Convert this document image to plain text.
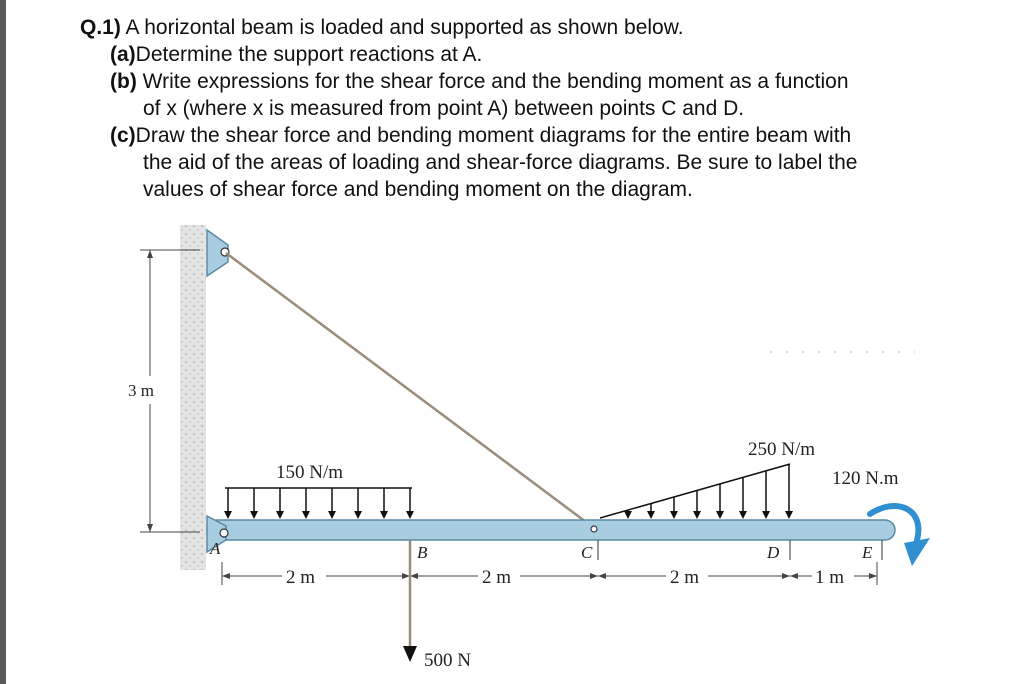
Q.1) A horizontal beam is loaded and supported as shown below.
(a)Determine the support reactions at A.
(b) Write expressions for the shear force and the bending moment as a function
of x (where x is measured from point A) between points C and D.
(c)Draw the shear force and bending moment diagrams for the entire beam with
the aid of the areas of loading and shear-force diagrams. Be sure to label the
values of shear force and bending moment on the diagram.
3 m
150 N/m
250 N/m
A	B	C	D	E
2 m	2 m	2 m	1 m
500 N
120 N.m
